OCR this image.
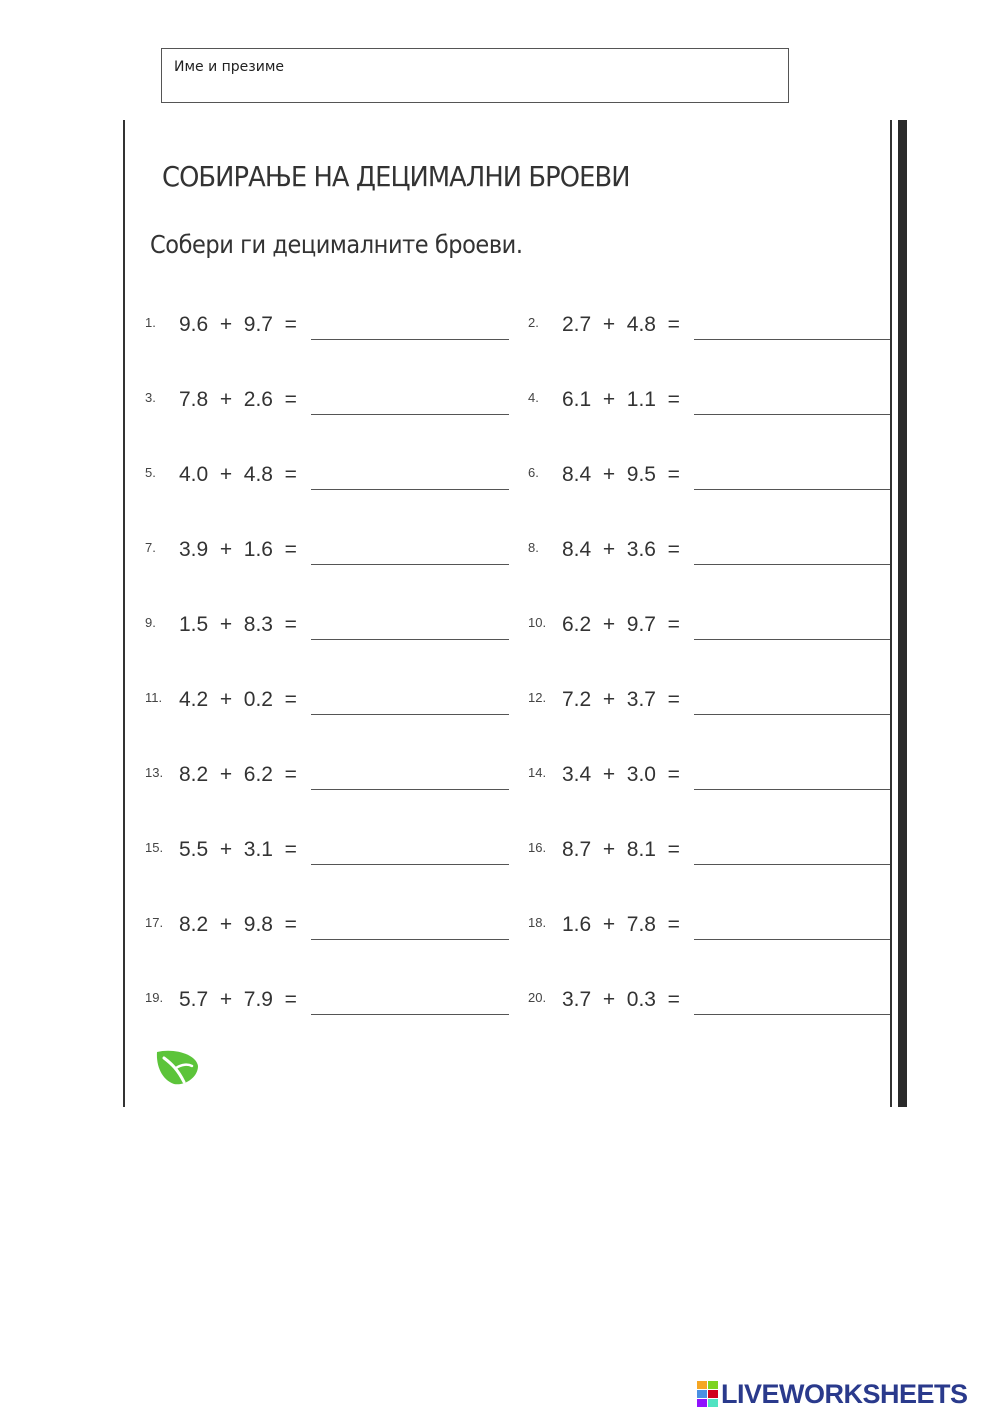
Име и презиме
СОБИРАЊЕ НА ДЕЦИМАЛНИ БРОЕВИ
Собери ги децималните броеви.
1. 9.6  +  9.7  =	2. 2.7  +  4.8  =
3. 7.8  +  2.6  =	4. 6.1  +  1.1  =
5. 4.0  +  4.8  =	6. 8.4  +  9.5  =
7. 3.9  +  1.6  =	8. 8.4  +  3.6  =
9. 1.5  +  8.3  =	10. 6.2  +  9.7  =
11. 4.2  +  0.2  =	12. 7.2  +  3.7  =
13. 8.2  +  6.2  =	14. 3.4  +  3.0  =
15. 5.5  +  3.1  =	16. 8.7  +  8.1  =
17. 8.2  +  9.8  =	18. 1.6  +  7.8  =
19. 5.7  +  7.9  =	20. 3.7  +  0.3  =
LIVEWORKSHEETS
